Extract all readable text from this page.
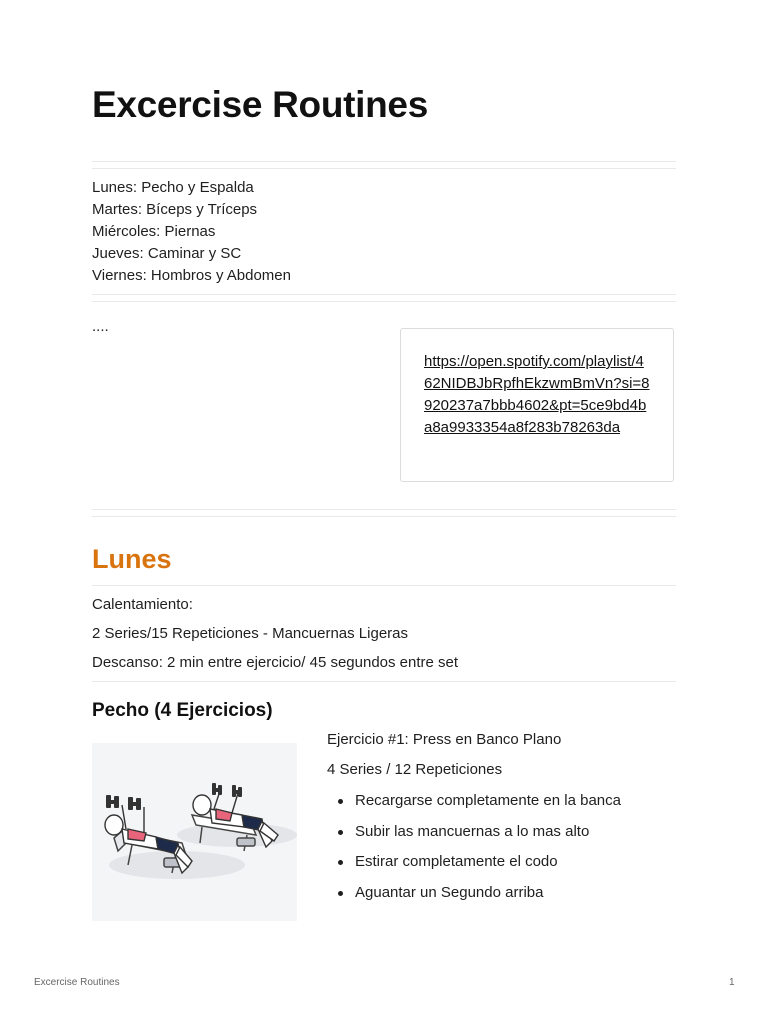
Excercise Routines
Lunes: Pecho y Espalda
Martes: Bíceps y Tríceps
Miércoles: Piernas
Jueves: Caminar y SC
Viernes: Hombros y Abdomen
....
https://open.spotify.com/playlist/462NIDBJbRpfhEkzwmBmVn?si=8920237a7bbb4602&pt=5ce9bd4ba8a9933354a8f283b78263da
Lunes
Calentamiento:
2 Series/15 Repeticiones - Mancuernas Ligeras
Descanso: 2 min entre ejercicio/ 45 segundos entre set
Pecho (4 Ejercicios)
Ejercicio #1: Press en Banco Plano
4 Series / 12 Repeticiones
Recargarse completamente en la banca
Subir las mancuernas a lo mas alto
Estirar completamente el codo
Aguantar un Segundo arriba
Excercise Routines	1
